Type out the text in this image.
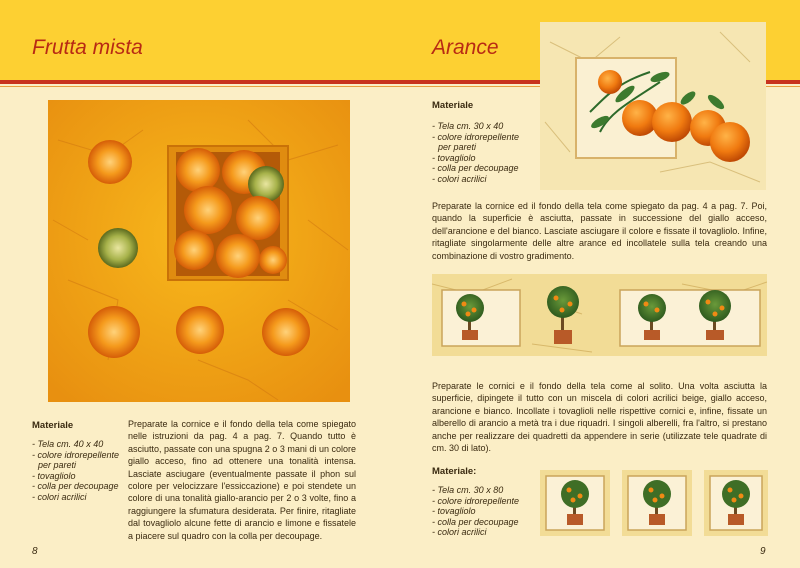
Frutta mista	Arance
Materiale
- Tela cm. 40 x 40
- colore idrorepellente
per pareti
- tovagliolo
- colla per decoupage
- colori acrilici
Preparate la cornice e il fondo della tela come spiegato nelle istruzioni da pag. 4 a pag. 7. Quando tutto è asciutto, passate con una spugna 2 o 3 mani di un colore giallo acceso, fino ad ottenere una tonalità intensa. Lasciate asciugare (eventualmente passate il phon sul colore per velocizzare l'essiccazione) e poi stendete un colore di una tonalità giallo-arancio per 2 o 3 volte, fino a raggiungere la sfumatura desiderata. Per finire, ritagliate dal tovagliolo alcune fette di arancio e limone e fissatele a piacere sul quadro con la colla per decoupage.
8
Materiale
- Tela cm. 30 x 40
- colore idrorepellente
per pareti
- tovagliolo
- colla per decoupage
- colori acrilici
Preparate la cornice ed il fondo della tela come spiegato da pag. 4 a pag. 7. Poi, quando la superficie è asciutta, passate in successione del giallo acceso, dell'arancione e del bianco. Lasciate asciugare il colore e fissate il tovagliolo. Infine, ritagliate singolarmente delle altre arance ed incollatele sulla tela creando una combinazione di vostro gradimento.
Preparate le cornici e il fondo della tela come al solito. Una volta asciutta la superficie, dipingete il tutto con un miscela di colori acrilici beige, giallo acceso, arancione e bianco. Incollate i tovaglioli nelle rispettive cornici e, infine, fissate un alberello di arancio a metà tra i due riquadri. I singoli alberelli, fra l'altro, si prestano anche per realizzare dei quadretti da appendere in serie (utilizzate tele quadrate di cm. 30 di lato).
Materiale:
- Tela cm. 30 x 80
- colore idrorepellente
- tovagliolo
- colla per decoupage
- colori acrilici
9
